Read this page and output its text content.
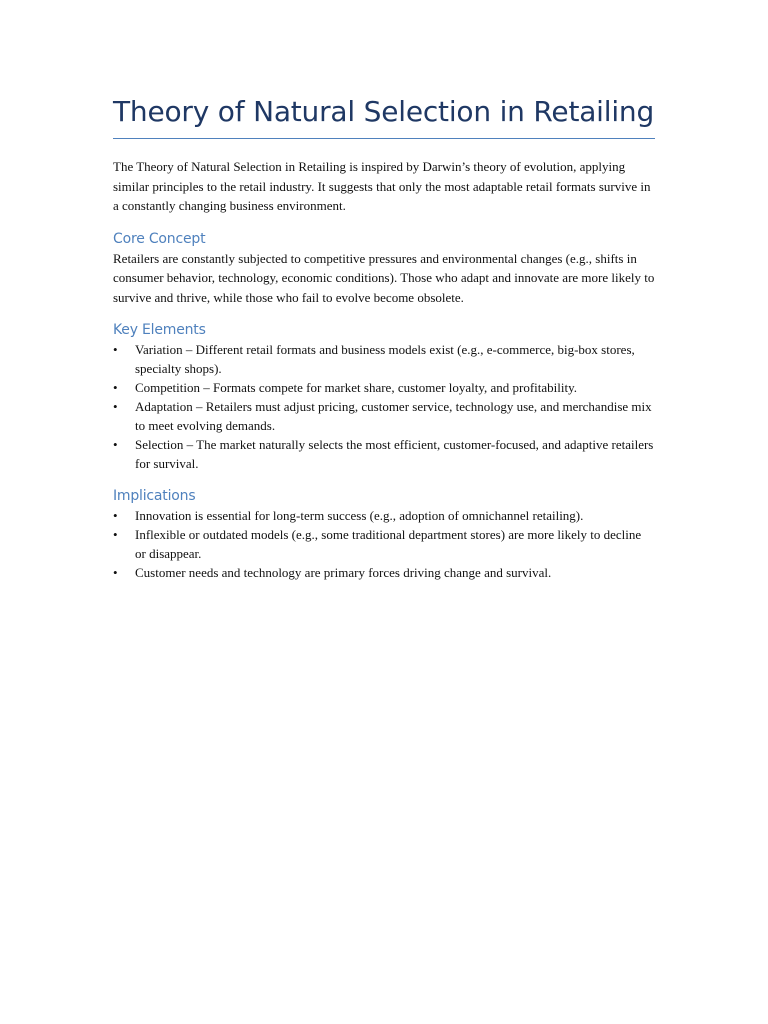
Theory of Natural Selection in Retailing

The Theory of Natural Selection in Retailing is inspired by Darwin’s theory of evolution, applying similar principles to the retail industry. It suggests that only the most adaptable retail formats survive in a constantly changing business environment.

Core Concept

Retailers are constantly subjected to competitive pressures and environmental changes (e.g., shifts in consumer behavior, technology, economic conditions). Those who adapt and innovate are more likely to survive and thrive, while those who fail to evolve become obsolete.

Key Elements
• Variation – Different retail formats and business models exist (e.g., e-commerce, big-box stores, specialty shops).
• Competition – Formats compete for market share, customer loyalty, and profitability.
• Adaptation – Retailers must adjust pricing, customer service, technology use, and merchandise mix to meet evolving demands.
• Selection – The market naturally selects the most efficient, customer-focused, and adaptive retailers for survival.
Implications
• Innovation is essential for long-term success (e.g., adoption of omnichannel retailing).
• Inflexible or outdated models (e.g., some traditional department stores) are more likely to decline or disappear.
• Customer needs and technology are primary forces driving change and survival.
